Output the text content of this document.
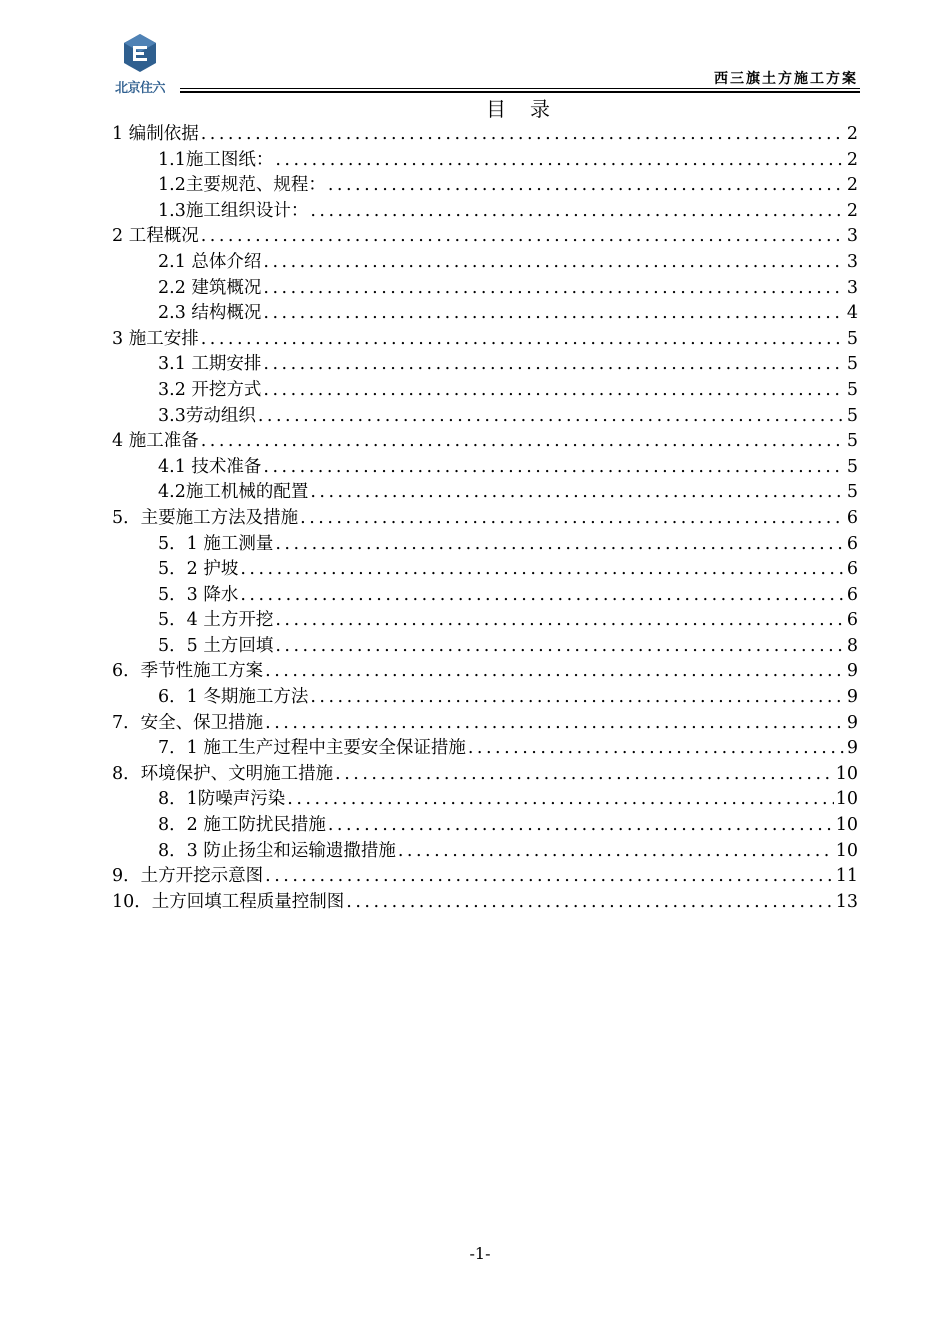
北京住六
西三旗土方施工方案
目录
1 编制依据 .....	2
1.1施工图纸： .....	2
1.2主要规范、规程： .....	2
1.3施工组织设计： .....	2
2 工程概况 .....	3
2.1 总体介绍 .....	3
2.2 建筑概况 .....	3
2.3 结构概况 .....	4
3 施工安排 .....	5
3.1 工期安排 .....	5
3.2 开挖方式 .....	5
3.3劳动组织 .....	5
4 施工准备 .....	5
4.1 技术准备 .....	5
4.2施工机械的配置 .....	5
5．主要施工方法及措施 .....	6
5．1 施工测量 .....	6
5．2 护坡 .....	6
5．3 降水 .....	6
5．4 土方开挖 .....	6
5．5 土方回填 .....	8
6．季节性施工方案 .....	9
6．1 冬期施工方法 .....	9
7．安全、保卫措施 .....	9
7．1 施工生产过程中主要安全保证措施 .....	9
8．环境保护、文明施工措施 .....	10
8．1防噪声污染 .....	10
8．2 施工防扰民措施 .....	10
8．3 防止扬尘和运输遗撒措施 .....	10
9．土方开挖示意图 .....	11
10．土方回填工程质量控制图 .....	13
-1-
